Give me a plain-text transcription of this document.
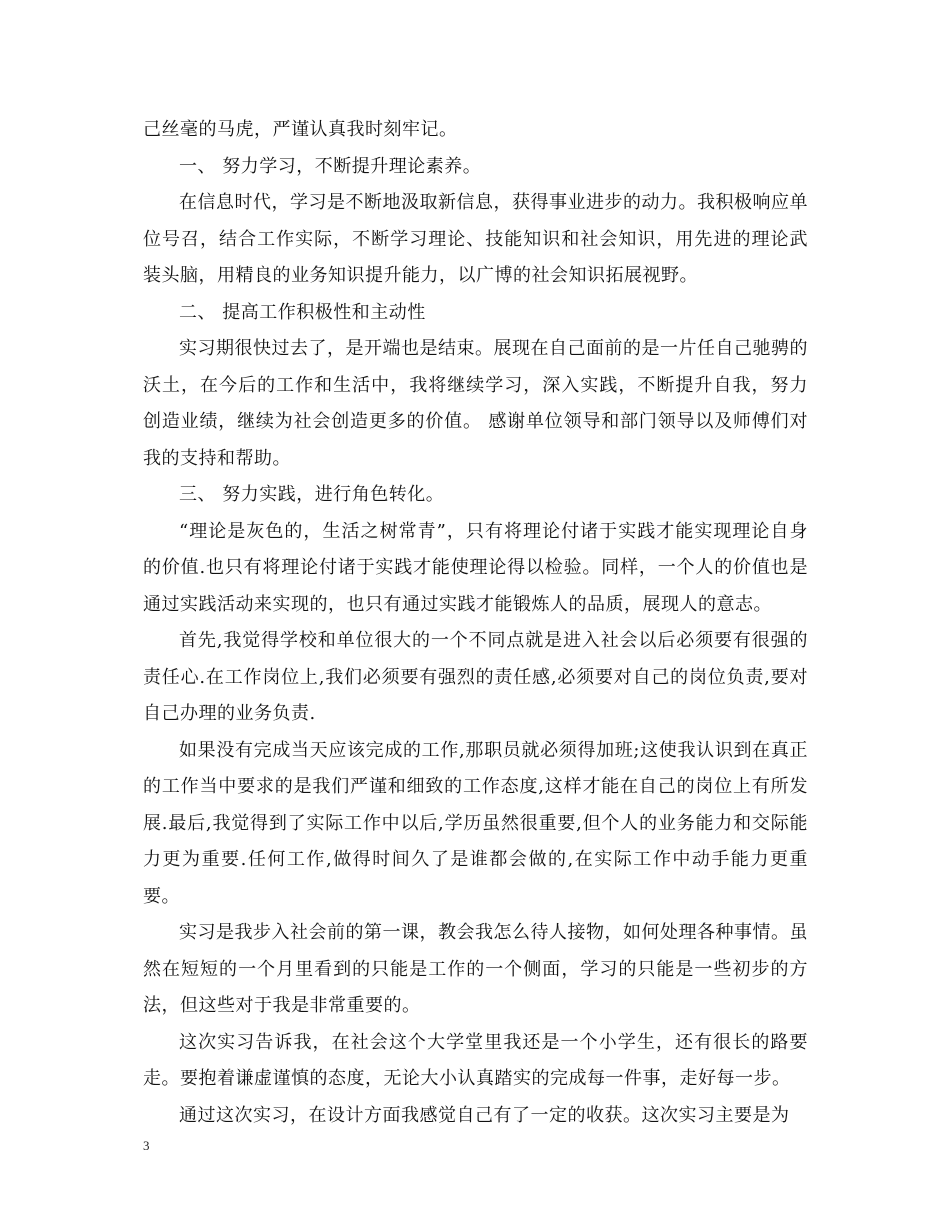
己丝毫的马虎，严谨认真我时刻牢记。

一、 努力学习，不断提升理论素养。

在信息时代，学习是不断地汲取新信息，获得事业进步的动力。我积极响应单位号召，结合工作实际，不断学习理论、技能知识和社会知识，用先进的理论武装头脑，用精良的业务知识提升能力，以广博的社会知识拓展视野。

二、 提高工作积极性和主动性

实习期很快过去了，是开端也是结束。展现在自己面前的是一片任自己驰骋的沃土，在今后的工作和生活中，我将继续学习，深入实践，不断提升自我，努力创造业绩，继续为社会创造更多的价值。 感谢单位领导和部门领导以及师傅们对我的支持和帮助。

三、 努力实践，进行角色转化。

“理论是灰色的，生活之树常青”，只有将理论付诸于实践才能实现理论自身的价值.也只有将理论付诸于实践才能使理论得以检验。同样，一个人的价值也是通过实践活动来实现的，也只有通过实践才能锻炼人的品质，展现人的意志。

首先,我觉得学校和单位很大的一个不同点就是进入社会以后必须要有很强的责任心.在工作岗位上,我们必须要有强烈的责任感,必须要对自己的岗位负责,要对自己办理的业务负责.

如果没有完成当天应该完成的工作,那职员就必须得加班;这使我认识到在真正的工作当中要求的是我们严谨和细致的工作态度,这样才能在自己的岗位上有所发展.最后,我觉得到了实际工作中以后,学历虽然很重要,但个人的业务能力和交际能力更为重要.任何工作,做得时间久了是谁都会做的,在实际工作中动手能力更重要。

实习是我步入社会前的第一课，教会我怎么待人接物，如何处理各种事情。虽然在短短的一个月里看到的只能是工作的一个侧面，学习的只能是一些初步的方法，但这些对于我是非常重要的。

这次实习告诉我，在社会这个大学堂里我还是一个小学生，还有很长的路要走。要抱着谦虚谨慎的态度，无论大小认真踏实的完成每一件事，走好每一步。

通过这次实习，在设计方面我感觉自己有了一定的收获。这次实习主要是为

3
